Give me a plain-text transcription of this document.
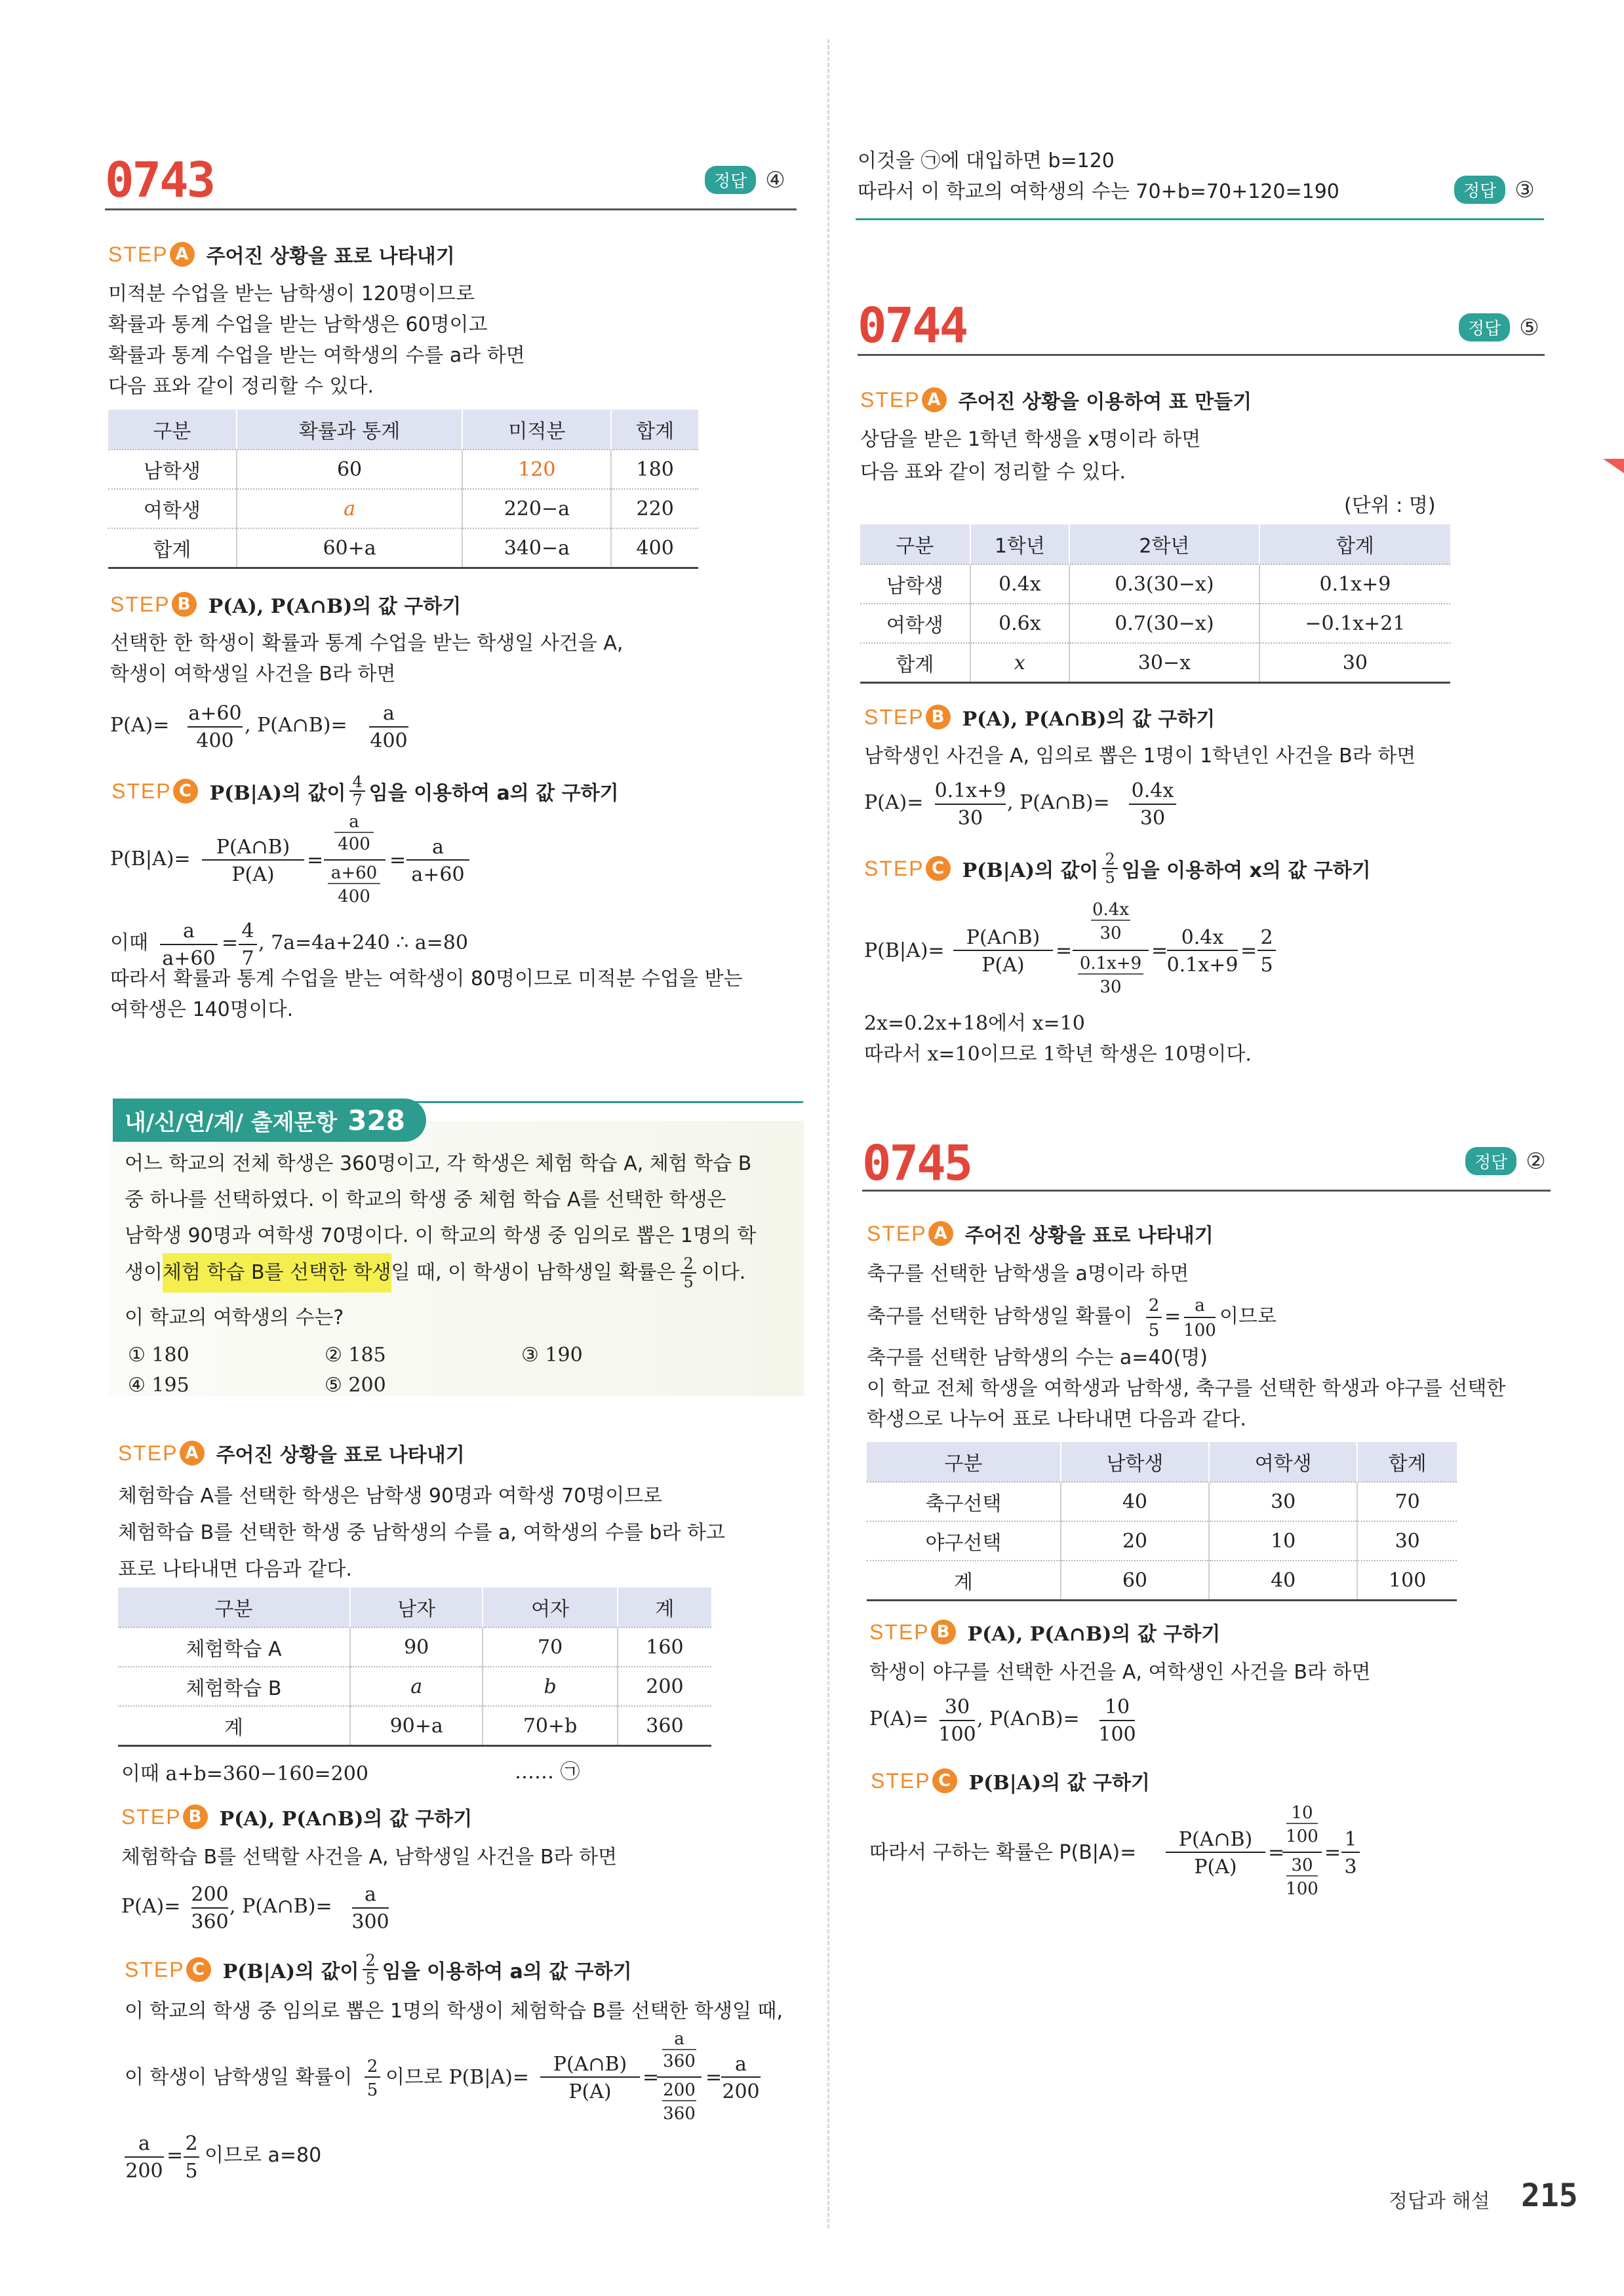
0743	정답 ④
STEP A 주어진 상황을 표로 나타내기
미적분 수업을 받는 남학생이 120명이므로
확률과 통계 수업을 받는 남학생은 60명이고
확률과 통계 수업을 받는 여학생의 수를 a라 하면
다음 표와 같이 정리할 수 있다.
구분	확률과 통계	미적분	합계
남학생	60	120	180
여학생	a	220−a	220
합계	60+a	340−a	400
STEP B P(A), P(A∩B)의 값 구하기
선택한 한 학생이 확률과 통계 수업을 받는 학생일 사건을 A,
학생이 여학생일 사건을 B라 하면
P(A)=
a+60
400
, P(A∩B)=
a
400
STEP C P(B|A)의 값이 $\frac{4}{7}$ 임을 이용하여 a의 값 구하기
P(B|A)=
P(A∩B)
P(A)
=
a
400
a+60
400
=
a
a+60
이때
a
a+60
=
4
7
, 7a=4a+240 ∴ a=80
따라서 확률과 통계 수업을 받는 여학생이 80명이므로 미적분 수업을 받는
여학생은 140명이다.
내/신/연/계/ 출제문항 328
어느 학교의 전체 학생은 360명이고, 각 학생은 체험 학습 A, 체험 학습 B
중 하나를 선택하였다. 이 학교의 학생 중 체험 학습 A를 선택한 학생은
남학생 90명과 여학생 70명이다. 이 학교의 학생 중 임의로 뽑은 1명의 학
생이 체험 학습 B를 선택한 학생 일 때, 이 학생이 남학생일 확률은 $\frac{2}{5}$ 이다.
이 학교의 여학생의 수는?
① 180	② 185	③ 190
④ 195	⑤ 200
STEP A 주어진 상황을 표로 나타내기
체험학습 A를 선택한 학생은 남학생 90명과 여학생 70명이므로
체험학습 B를 선택한 학생 중 남학생의 수를 a, 여학생의 수를 b라 하고
표로 나타내면 다음과 같다.
구분	남자	여자	계
체험학습 A	90	70	160
체험학습 B	a	b	200
계	90+a	70+b	360
이때 a+b=360−160=200	…… ㉠
STEP B P(A), P(A∩B)의 값 구하기
체험학습 B를 선택할 사건을 A, 남학생일 사건을 B라 하면
P(A)=
200
360
, P(A∩B)=
a
300
STEP C P(B|A)의 값이 $\frac{2}{5}$ 임을 이용하여 a의 값 구하기
이 학교의 학생 중 임의로 뽑은 1명의 학생이 체험학습 B를 선택한 학생일 때,
이 학생이 남학생일 확률이 2
5
이므로 P(B|A)=
P(A∩B)
P(A)
=
a
360
200
360
=
a
200
a
200
=
2
5
이므로 a=80
이것을 ㉠에 대입하면 b=120
따라서 이 학교의 여학생의 수는 70+b=70+120=190	정답 ③
0744	정답 ⑤
STEP A 주어진 상황을 이용하여 표 만들기
상담을 받은 1학년 학생을 x명이라 하면
다음 표와 같이 정리할 수 있다.
(단위 : 명)
구분	1학년	2학년	합계
남학생	0.4x	0.3(30−x)	0.1x+9
여학생	0.6x	0.7(30−x)	−0.1x+21
합계	x	30−x	30
STEP B P(A), P(A∩B)의 값 구하기
남학생인 사건을 A, 임의로 뽑은 1명이 1학년인 사건을 B라 하면
P(A)=
0.1x+9
30
, P(A∩B)=
0.4x
30
STEP C P(B|A)의 값이 $\frac{2}{5}$ 임을 이용하여 x의 값 구하기
P(B|A)=
P(A∩B)
P(A)
=
0.4x
30
0.1x+9
30
=
0.4x
0.1x+9
=
2
5
2x=0.2x+18에서 x=10
따라서 x=10이므로 1학년 학생은 10명이다.
0745	정답 ②
STEP A 주어진 상황을 표로 나타내기
축구를 선택한 남학생을 a명이라 하면
축구를 선택한 남학생일 확률이 2
5
= a
100
이므로
축구를 선택한 남학생의 수는 a=40(명)
이 학교 전체 학생을 여학생과 남학생, 축구를 선택한 학생과 야구를 선택한
학생으로 나누어 표로 나타내면 다음과 같다.
구분	남학생	여학생	합계
축구선택	40	30	70
야구선택	20	10	30
계	60	40	100
STEP B P(A), P(A∩B)의 값 구하기
학생이 야구를 선택한 사건을 A, 여학생인 사건을 B라 하면
P(A)=
30
100
, P(A∩B)=
10
100
STEP C P(B|A)의 값 구하기
따라서 구하는 확률은 P(B|A)=
P(A∩B)
P(A)
=
10
100
30
100
=
1
3
정답과 해설 215
